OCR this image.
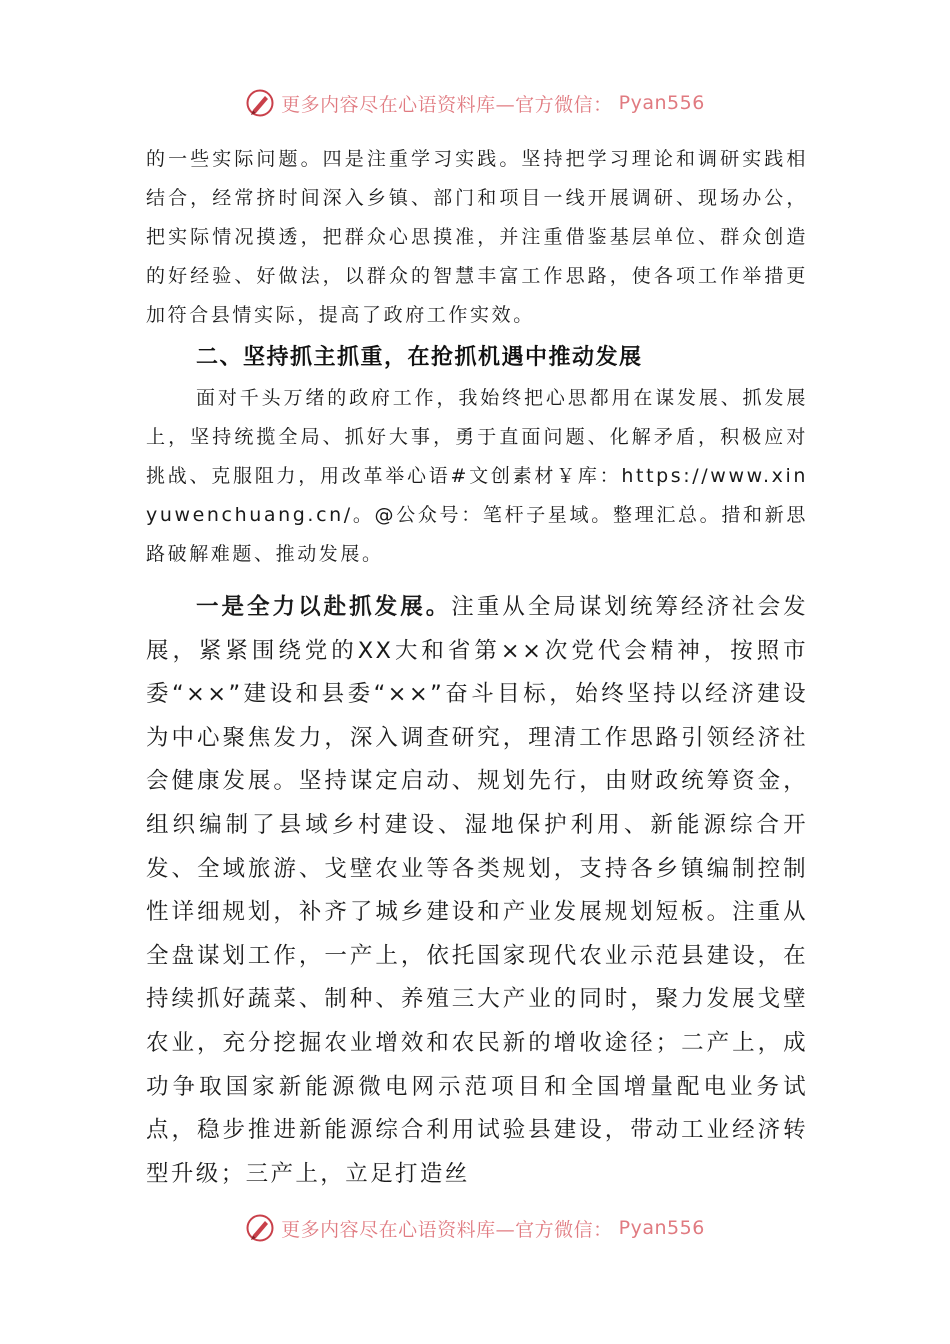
更多内容尽在心语资料库—官方微信： Pyan556

的一些实际问题。四是注重学习实践。坚持把学习理论和调研实践相结合，经常挤时间深入乡镇、部门和项目一线开展调研、现场办公，把实际情况摸透，把群众心思摸准，并注重借鉴基层单位、群众创造的好经验、好做法，以群众的智慧丰富工作思路，使各项工作举措更加符合县情实际，提高了政府工作实效。

二、坚持抓主抓重，在抢抓机遇中推动发展

面对千头万绪的政府工作，我始终把心思都用在谋发展、抓发展上，坚持统揽全局、抓好大事，勇于直面问题、化解矛盾，积极应对挑战、克服阻力，用改革举心语#文创素材￥库：https://www.xinyuwenchuang.cn/。@公众号：笔杆子星域。整理汇总。措和新思路破解难题、推动发展。

一是全力以赴抓发展。注重从全局谋划统筹经济社会发展，紧紧围绕党的XX大和省第××次党代会精神，按照市委“××”建设和县委“××”奋斗目标，始终坚持以经济建设为中心聚焦发力，深入调查研究，理清工作思路引领经济社会健康发展。坚持谋定启动、规划先行，由财政统筹资金，组织编制了县域乡村建设、湿地保护利用、新能源综合开发、全域旅游、戈壁农业等各类规划，支持各乡镇编制控制性详细规划，补齐了城乡建设和产业发展规划短板。注重从全盘谋划工作，一产上，依托国家现代农业示范县建设，在持续抓好蔬菜、制种、养殖三大产业的同时，聚力发展戈壁农业，充分挖掘农业增效和农民新的增收途径；二产上，成功争取国家新能源微电网示范项目和全国增量配电业务试点，稳步推进新能源综合利用试验县建设，带动工业经济转型升级；三产上，立足打造丝

更多内容尽在心语资料库—官方微信： Pyan556
